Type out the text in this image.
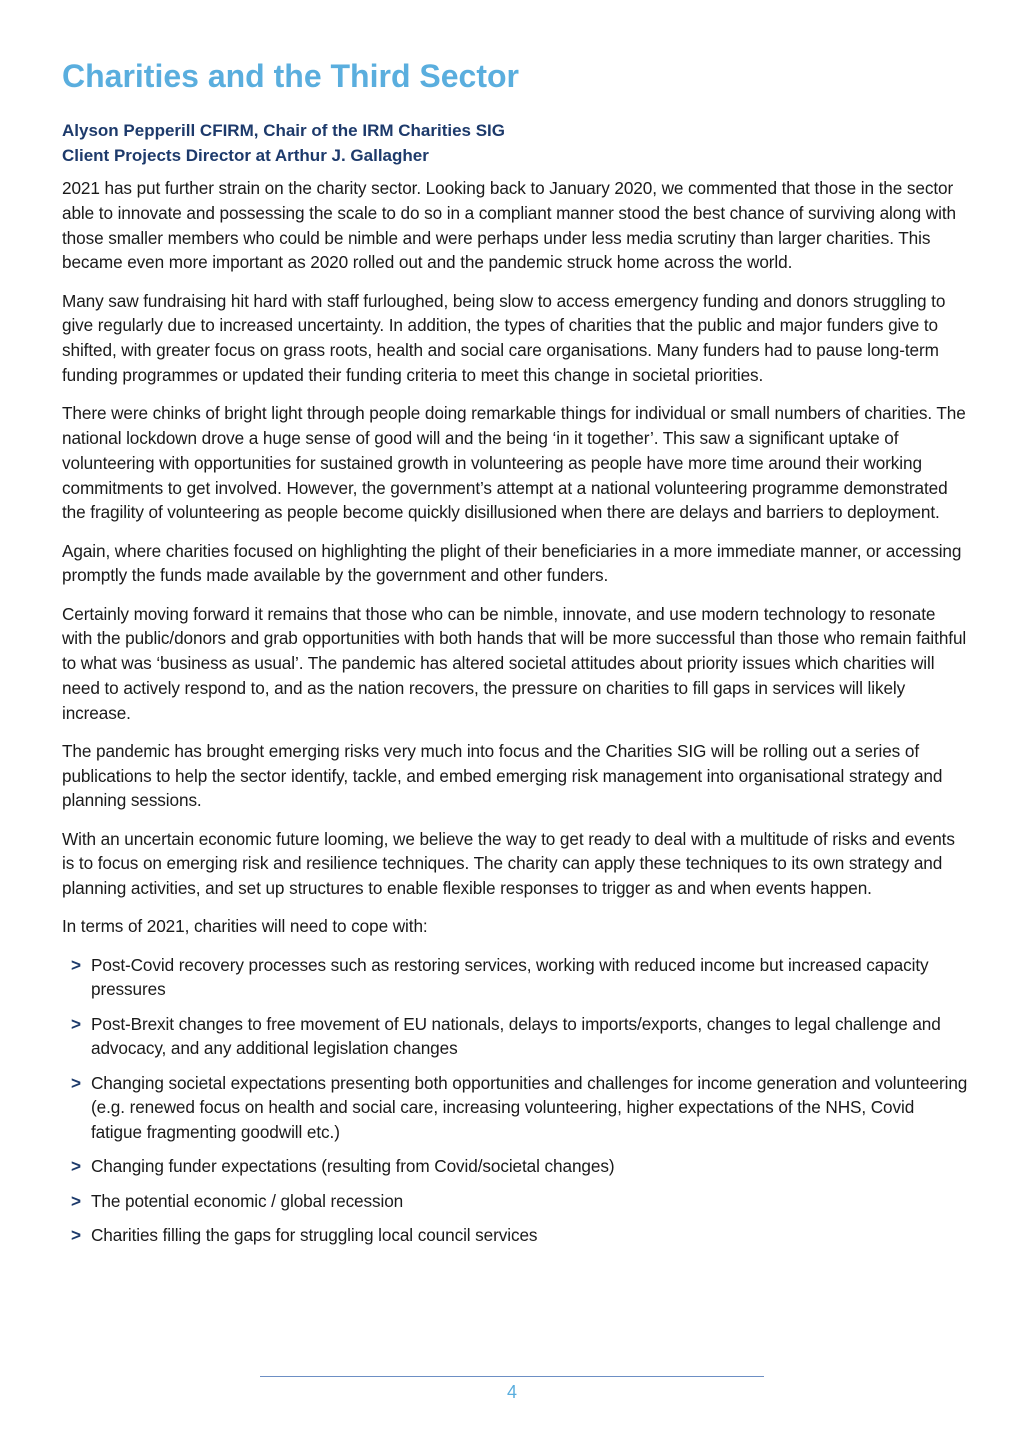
Charities and the Third Sector
Alyson Pepperill CFIRM, Chair of the IRM Charities SIG
Client Projects Director at Arthur J. Gallagher

2021 has put further strain on the charity sector. Looking back to January 2020, we commented that those in the sector able to innovate and possessing the scale to do so in a compliant manner stood the best chance of surviving along with those smaller members who could be nimble and were perhaps under less media scrutiny than larger charities. This became even more important as 2020 rolled out and the pandemic struck home across the world.

Many saw fundraising hit hard with staff furloughed, being slow to access emergency funding and donors struggling to give regularly due to increased uncertainty. In addition, the types of charities that the public and major funders give to shifted, with greater focus on grass roots, health and social care organisations. Many funders had to pause long-term funding programmes or updated their funding criteria to meet this change in societal priorities.

There were chinks of bright light through people doing remarkable things for individual or small numbers of charities. The national lockdown drove a huge sense of good will and the being ‘in it together’. This saw a significant uptake of volunteering with opportunities for sustained growth in volunteering as people have more time around their working commitments to get involved. However, the government’s attempt at a national volunteering programme demonstrated the fragility of volunteering as people become quickly disillusioned when there are delays and barriers to deployment.

Again, where charities focused on highlighting the plight of their beneficiaries in a more immediate manner, or accessing promptly the funds made available by the government and other funders.

Certainly moving forward it remains that those who can be nimble, innovate, and use modern technology to resonate with the public/donors and grab opportunities with both hands that will be more successful than those who remain faithful to what was ‘business as usual’. The pandemic has altered societal attitudes about priority issues which charities will need to actively respond to, and as the nation recovers, the pressure on charities to fill gaps in services will likely increase.

The pandemic has brought emerging risks very much into focus and the Charities SIG will be rolling out a series of publications to help the sector identify, tackle, and embed emerging risk management into organisational strategy and planning sessions.

With an uncertain economic future looming, we believe the way to get ready to deal with a multitude of risks and events is to focus on emerging risk and resilience techniques. The charity can apply these techniques to its own strategy and planning activities, and set up structures to enable flexible responses to trigger as and when events happen.

In terms of 2021, charities will need to cope with:

> Post-Covid recovery processes such as restoring services, working with reduced income but increased capacity pressures
> Post-Brexit changes to free movement of EU nationals, delays to imports/exports, changes to legal challenge and advocacy, and any additional legislation changes
> Changing societal expectations presenting both opportunities and challenges for income generation and volunteering (e.g. renewed focus on health and social care, increasing volunteering, higher expectations of the NHS, Covid fatigue fragmenting goodwill etc.)
> Changing funder expectations (resulting from Covid/societal changes)
> The potential economic / global recession
> Charities filling the gaps for struggling local council services
4
